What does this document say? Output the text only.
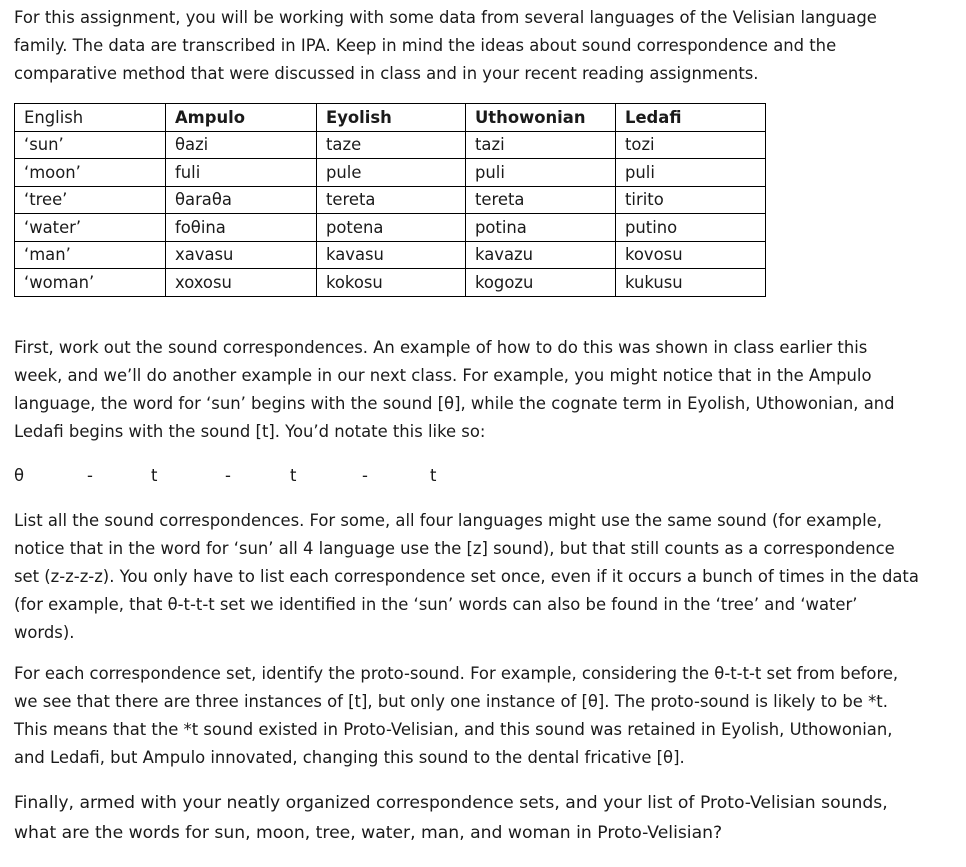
For this assignment, you will be working with some data from several languages of the Velisian language family. The data are transcribed in IPA. Keep in mind the ideas about sound correspondence and the comparative method that were discussed in class and in your recent reading assignments.

English	Ampulo	Eyolish	Uthowonian	Ledafi
‘sun’	θazi	taze	tazi	tozi
‘moon’	fuli	pule	puli	puli
‘tree’	θaraθa	tereta	tereta	tirito
‘water’	foθina	potena	potina	putino
‘man’	xavasu	kavasu	kavazu	kovosu
‘woman’	xoxosu	kokosu	kogozu	kukusu

First, work out the sound correspondences. An example of how to do this was shown in class earlier this week, and we’ll do another example in our next class. For example, you might notice that in the Ampulo language, the word for ‘sun’ begins with the sound [θ], while the cognate term in Eyolish, Uthowonian, and Ledafi begins with the sound [t]. You’d notate this like so:

θ	-	t	-	t	-	t

List all the sound correspondences. For some, all four languages might use the same sound (for example, notice that in the word for ‘sun’ all 4 language use the [z] sound), but that still counts as a correspondence set (z-z-z-z). You only have to list each correspondence set once, even if it occurs a bunch of times in the data (for example, that θ-t-t-t set we identified in the ‘sun’ words can also be found in the ‘tree’ and ‘water’ words).

For each correspondence set, identify the proto-sound. For example, considering the θ-t-t-t set from before, we see that there are three instances of [t], but only one instance of [θ]. The proto-sound is likely to be *t. This means that the *t sound existed in Proto-Velisian, and this sound was retained in Eyolish, Uthowonian, and Ledafi, but Ampulo innovated, changing this sound to the dental fricative [θ].

Finally, armed with your neatly organized correspondence sets, and your list of Proto-Velisian sounds, what are the words for sun, moon, tree, water, man, and woman in Proto-Velisian?
